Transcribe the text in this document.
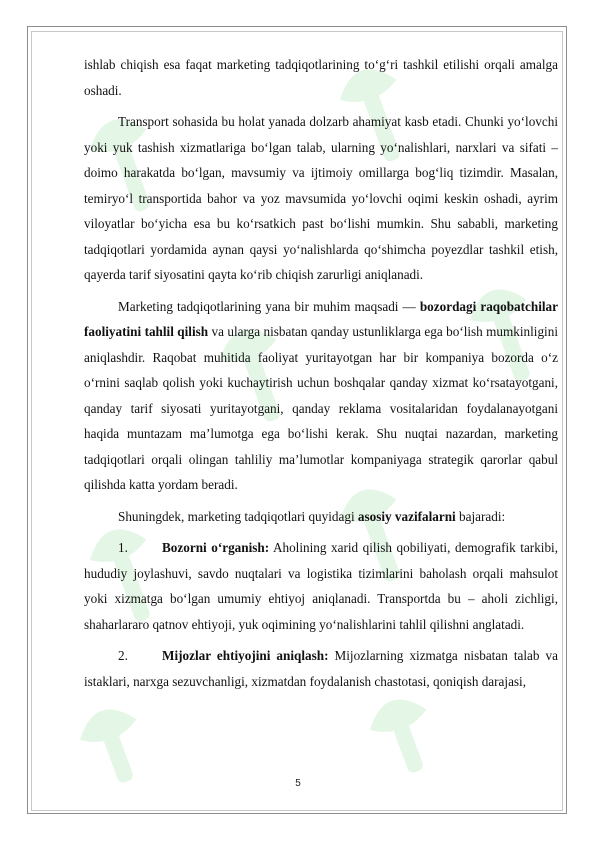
ishlab chiqish esa faqat marketing tadqiqotlarining to‘g‘ri tashkil etilishi orqali amalga oshadi.

Transport sohasida bu holat yanada dolzarb ahamiyat kasb etadi. Chunki yo‘lovchi yoki yuk tashish xizmatlariga bo‘lgan talab, ularning yo‘nalishlari, narxlari va sifati – doimo harakatda bo‘lgan, mavsumiy va ijtimoiy omillarga bog‘liq tizimdir. Masalan, temiryo‘l transportida bahor va yoz mavsumida yo‘lovchi oqimi keskin oshadi, ayrim viloyatlar bo‘yicha esa bu ko‘rsatkich past bo‘lishi mumkin. Shu sababli, marketing tadqiqotlari yordamida aynan qaysi yo‘nalishlarda qo‘shimcha poyezdlar tashkil etish, qayerda tarif siyosatini qayta ko‘rib chiqish zarurligi aniqlanadi.

Marketing tadqiqotlarining yana bir muhim maqsadi — bozordagi raqobatchilar faoliyatini tahlil qilish va ularga nisbatan qanday ustunliklarga ega bo‘lish mumkinligini aniqlashdir. Raqobat muhitida faoliyat yuritayotgan har bir kompaniya bozorda o‘z o‘rnini saqlab qolish yoki kuchaytirish uchun boshqalar qanday xizmat ko‘rsatayotgani, qanday tarif siyosati yuritayotgani, qanday reklama vositalaridan foydalanayotgani haqida muntazam ma’lumotga ega bo‘lishi kerak. Shu nuqtai nazardan, marketing tadqiqotlari orqali olingan tahliliy ma’lumotlar kompaniyaga strategik qarorlar qabul qilishda katta yordam beradi.

Shuningdek, marketing tadqiqotlari quyidagi asosiy vazifalarni bajaradi:

1.	Bozorni o‘rganish: Aholining xarid qilish qobiliyati, demografik tarkibi, hududiy joylashuvi, savdo nuqtalari va logistika tizimlarini baholash orqali mahsulot yoki xizmatga bo‘lgan umumiy ehtiyoj aniqlanadi. Transportda bu – aholi zichligi, shaharlararo qatnov ehtiyoji, yuk oqimining yo‘nalishlarini tahlil qilishni anglatadi.

2.	Mijozlar ehtiyojini aniqlash: Mijozlarning xizmatga nisbatan talab va istaklari, narxga sezuvchanligi, xizmatdan foydalanish chastotasi, qoniqish darajasi,

5
